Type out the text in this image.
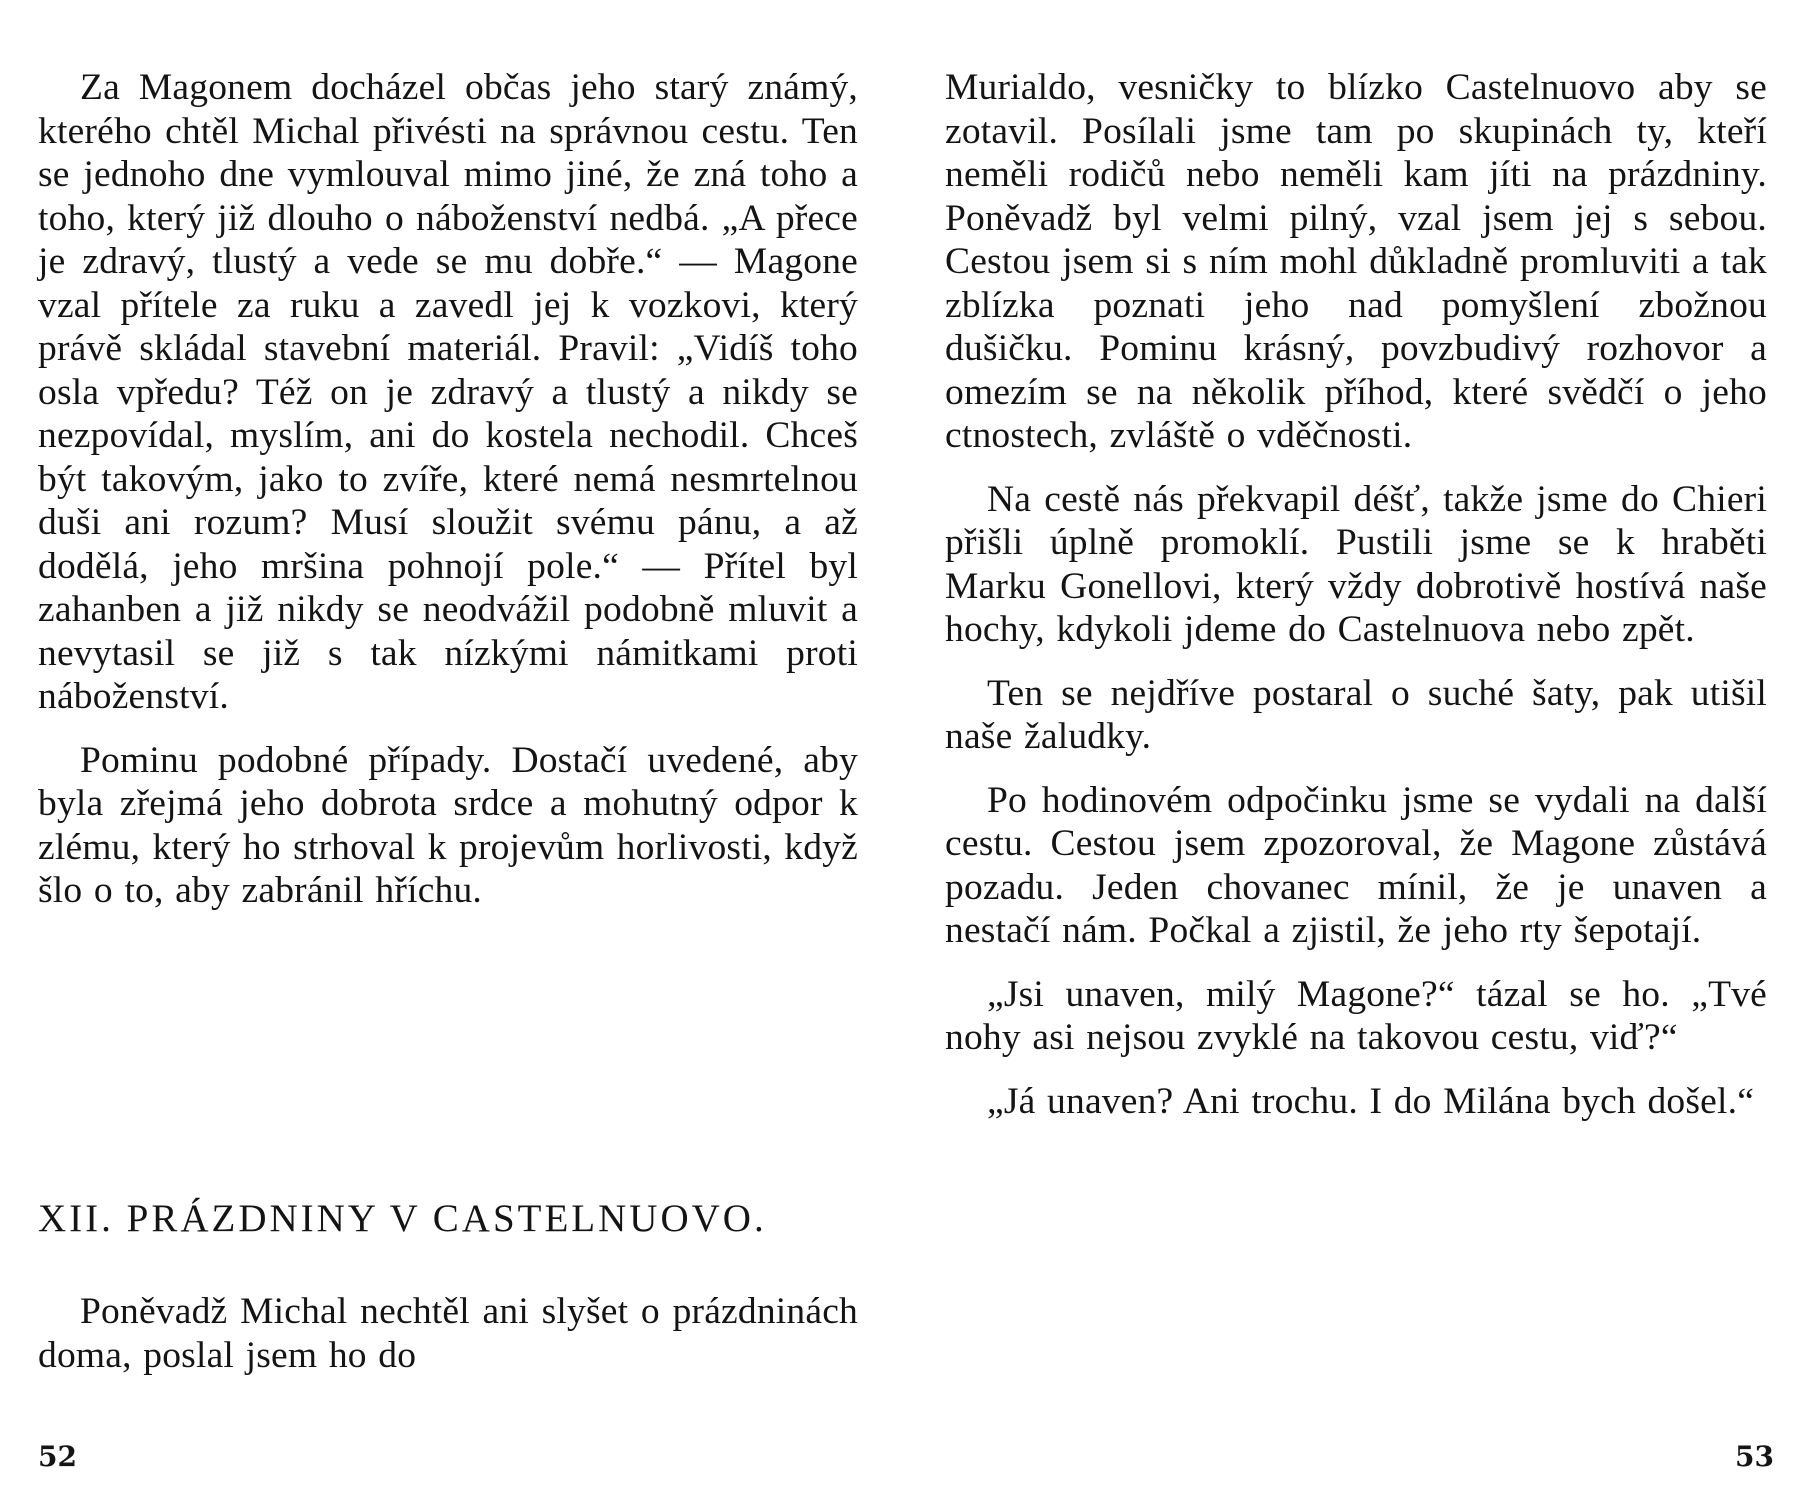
Za Magonem docházel občas jeho starý známý, kterého chtěl Michal přivésti na správnou cestu. Ten se jednoho dne vymlouval mimo jiné, že zná toho a toho, který již dlouho o náboženství nedbá. „A přece je zdravý, tlustý a vede se mu dobře.“ — Magone vzal přítele za ruku a zavedl jej k vozkovi, který právě skládal stavební materiál. Pravil: „Vidíš toho osla vpředu? Též on je zdravý a tlustý a nikdy se nezpovídal, myslím, ani do kostela nechodil. Chceš být takovým, jako to zvíře, které nemá nesmrtelnou duši ani rozum? Musí sloužit svému pánu, a až dodělá, jeho mršina pohnojí pole.“ — Přítel byl zahanben a již nikdy se neodvážil podobně mluvit a nevytasil se již s tak nízkými námitkami proti náboženství.

Pominu podobné případy. Dostačí uvedené, aby byla zřejmá jeho dobrota srdce a mohutný odpor k zlému, který ho strhoval k projevům horlivosti, když šlo o to, aby zabránil hříchu.

XII. PRÁZDNINY V CASTELNUOVO.

Poněvadž Michal nechtěl ani slyšet o prázdninách doma, poslal jsem ho do

52

Murialdo, vesničky to blízko Castelnuovo aby se zotavil. Posílali jsme tam po skupinách ty, kteří neměli rodičů nebo neměli kam jíti na prázdniny. Poněvadž byl velmi pilný, vzal jsem jej s sebou. Cestou jsem si s ním mohl důkladně promluviti a tak zblízka poznati jeho nad pomyšlení zbožnou dušičku. Pominu krásný, povzbudivý rozhovor a omezím se na několik příhod, které svědčí o jeho ctnostech, zvláště o vděčnosti.

Na cestě nás překvapil déšť, takže jsme do Chieri přišli úplně promoklí. Pustili jsme se k hraběti Marku Gonellovi, který vždy dobrotivě hostívá naše hochy, kdykoli jdeme do Castelnuova nebo zpět.

Ten se nejdříve postaral o suché šaty, pak utišil naše žaludky.

Po hodinovém odpočinku jsme se vydali na další cestu. Cestou jsem zpozoroval, že Magone zůstává pozadu. Jeden chovanec mínil, že je unaven a nestačí nám. Počkal a zjistil, že jeho rty šepotají.

„Jsi unaven, milý Magone?“ tázal se ho. „Tvé nohy asi nejsou zvyklé na takovou cestu, viď?“

„Já unaven? Ani trochu. I do Milána bych došel.“

53
